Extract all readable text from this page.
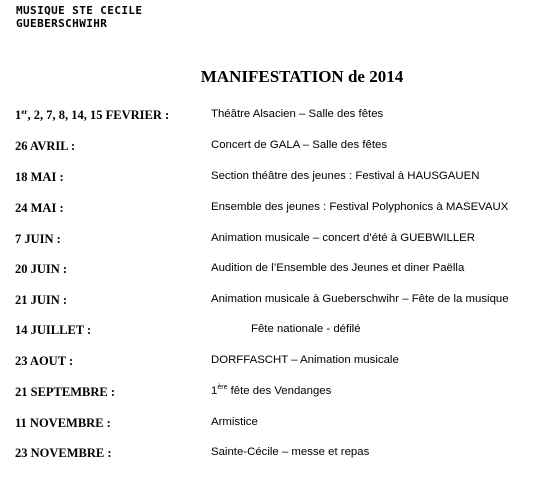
MUSIQUE STE CECILE
GUEBERSCHWIHR
MANIFESTATION de 2014
1er, 2, 7, 8, 14, 15 FEVRIER :	Théâtre Alsacien – Salle des fêtes
26 AVRIL :	Concert de GALA – Salle des fêtes
18 MAI :	Section théâtre des jeunes : Festival à HAUSGAUEN
24 MAI :	Ensemble des jeunes : Festival Polyphonics à MASEVAUX
7 JUIN :	Animation musicale – concert d’été à GUEBWILLER
20 JUIN :	Audition de l’Ensemble des Jeunes et diner Paëlla
21 JUIN :	Animation musicale à Gueberschwihr – Fête de la musique
14 JUILLET :	Fête nationale - défilé
23 AOUT :	DORFFASCHT – Animation musicale
21 SEPTEMBRE :	1ère fête des Vendanges
11 NOVEMBRE :	Armistice
23 NOVEMBRE :	Sainte-Cécile – messe et repas
